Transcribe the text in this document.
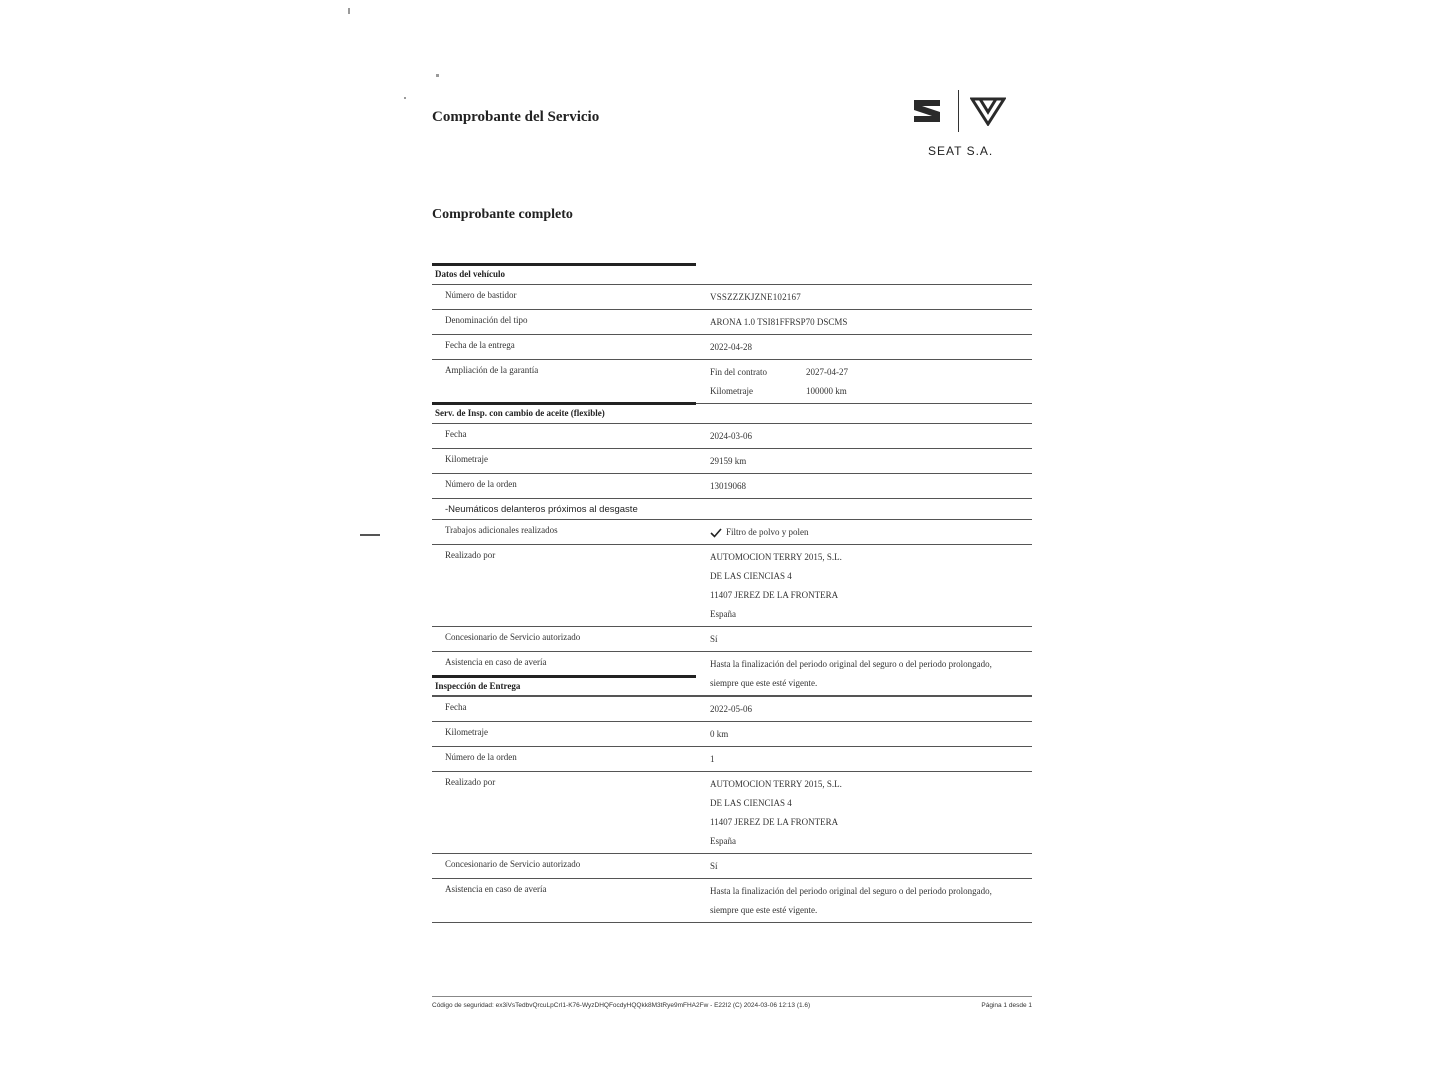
Comprobante del Servicio
Comprobante completo
SEAT S.A.
Datos del vehículo
Número de bastidor	VSSZZZKJZNE102167
Denominación del tipo	ARONA 1.0 TSI81FFRSP70 DSCMS
Fecha de la entrega	2022-04-28
Ampliación de la garantía	Fin del contrato	2027-04-27
Kilometraje	100000 km
Serv. de Insp. con cambio de aceite (flexible)
Fecha	2024-03-06
Kilometraje	29159 km
Número de la orden	13019068
-Neumáticos delanteros próximos al desgaste
Trabajos adicionales realizados	Filtro de polvo y polen
Realizado por	AUTOMOCION TERRY 2015, S.L.
DE LAS CIENCIAS 4
11407 JEREZ DE LA FRONTERA
España
Concesionario de Servicio autorizado	Sí
Asistencia en caso de avería	Hasta la finalización del periodo original del seguro o del periodo prolongado,
siempre que este esté vigente.
Inspección de Entrega
Fecha	2022-05-06
Kilometraje	0 km
Número de la orden	1
Realizado por	AUTOMOCION TERRY 2015, S.L.
DE LAS CIENCIAS 4
11407 JEREZ DE LA FRONTERA
España
Concesionario de Servicio autorizado	Sí
Asistencia en caso de avería	Hasta la finalización del periodo original del seguro o del periodo prolongado,
siempre que este esté vigente.
Código de seguridad: ex3iVsTedbvQrcuLpCrI1-K76-WyzDHQFocdyHQQkk8M3tRye9mFHA2Fw - E22I2 (C) 2024-03-06 12:13 (1.6)	Página 1 desde 1
